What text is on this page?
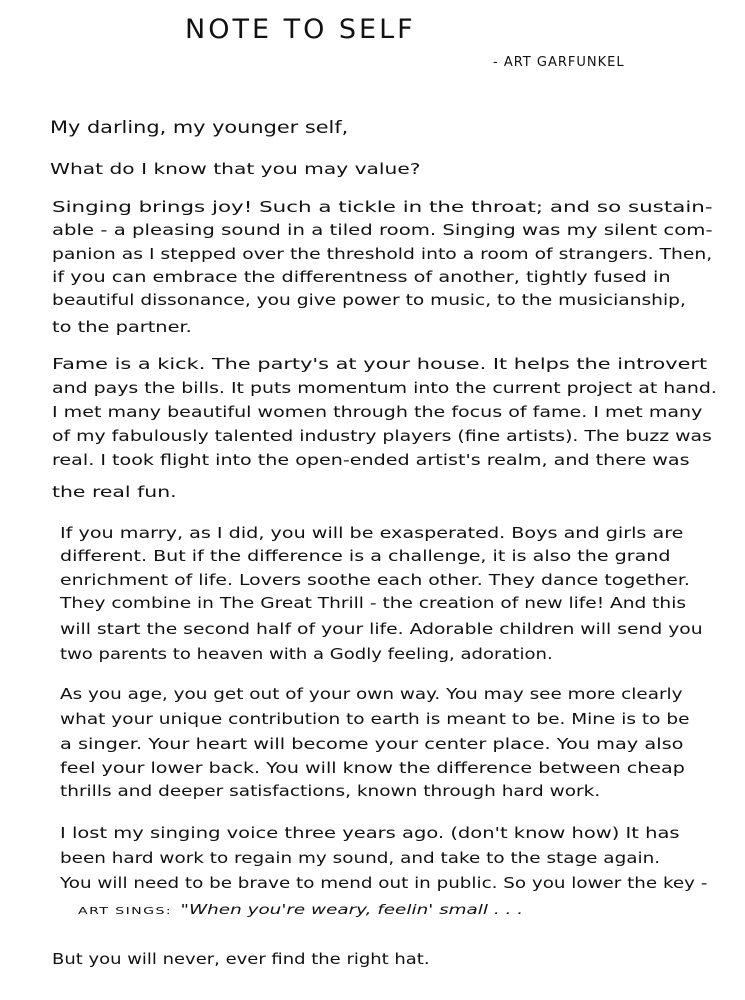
NOTE TO SELF
- ART GARFUNKEL
My darling, my younger self,
What do I know that you may value?
Singing brings joy! Such a tickle in the throat; and so sustain-
able - a pleasing sound in a tiled room. Singing was my silent com-
panion as I stepped over the threshold into a room of strangers. Then,
if you can embrace the differentness of another, tightly fused in
beautiful dissonance, you give power to music, to the musicianship,
to the partner.
Fame is a kick. The party's at your house. It helps the introvert
and pays the bills. It puts momentum into the current project at hand.
I met many beautiful women through the focus of fame. I met many
of my fabulously talented industry players (fine artists). The buzz was
real. I took flight into the open-ended artist's realm, and there was
the real fun.
If you marry, as I did, you will be exasperated. Boys and girls are
different. But if the difference is a challenge, it is also the grand
enrichment of life. Lovers soothe each other. They dance together.
They combine in The Great Thrill - the creation of new life! And this
will start the second half of your life. Adorable children will send you
two parents to heaven with a Godly feeling, adoration.
As you age, you get out of your own way. You may see more clearly
what your unique contribution to earth is meant to be. Mine is to be
a singer. Your heart will become your center place. You may also
feel your lower back. You will know the difference between cheap
thrills and deeper satisfactions, known through hard work.
I lost my singing voice three years ago. (don't know how) It has
been hard work to regain my sound, and take to the stage again.
You will need to be brave to mend out in public. So you lower the key -
ART SINGS: "When you're weary, feelin' small . . .
But you will never, ever find the right hat.
